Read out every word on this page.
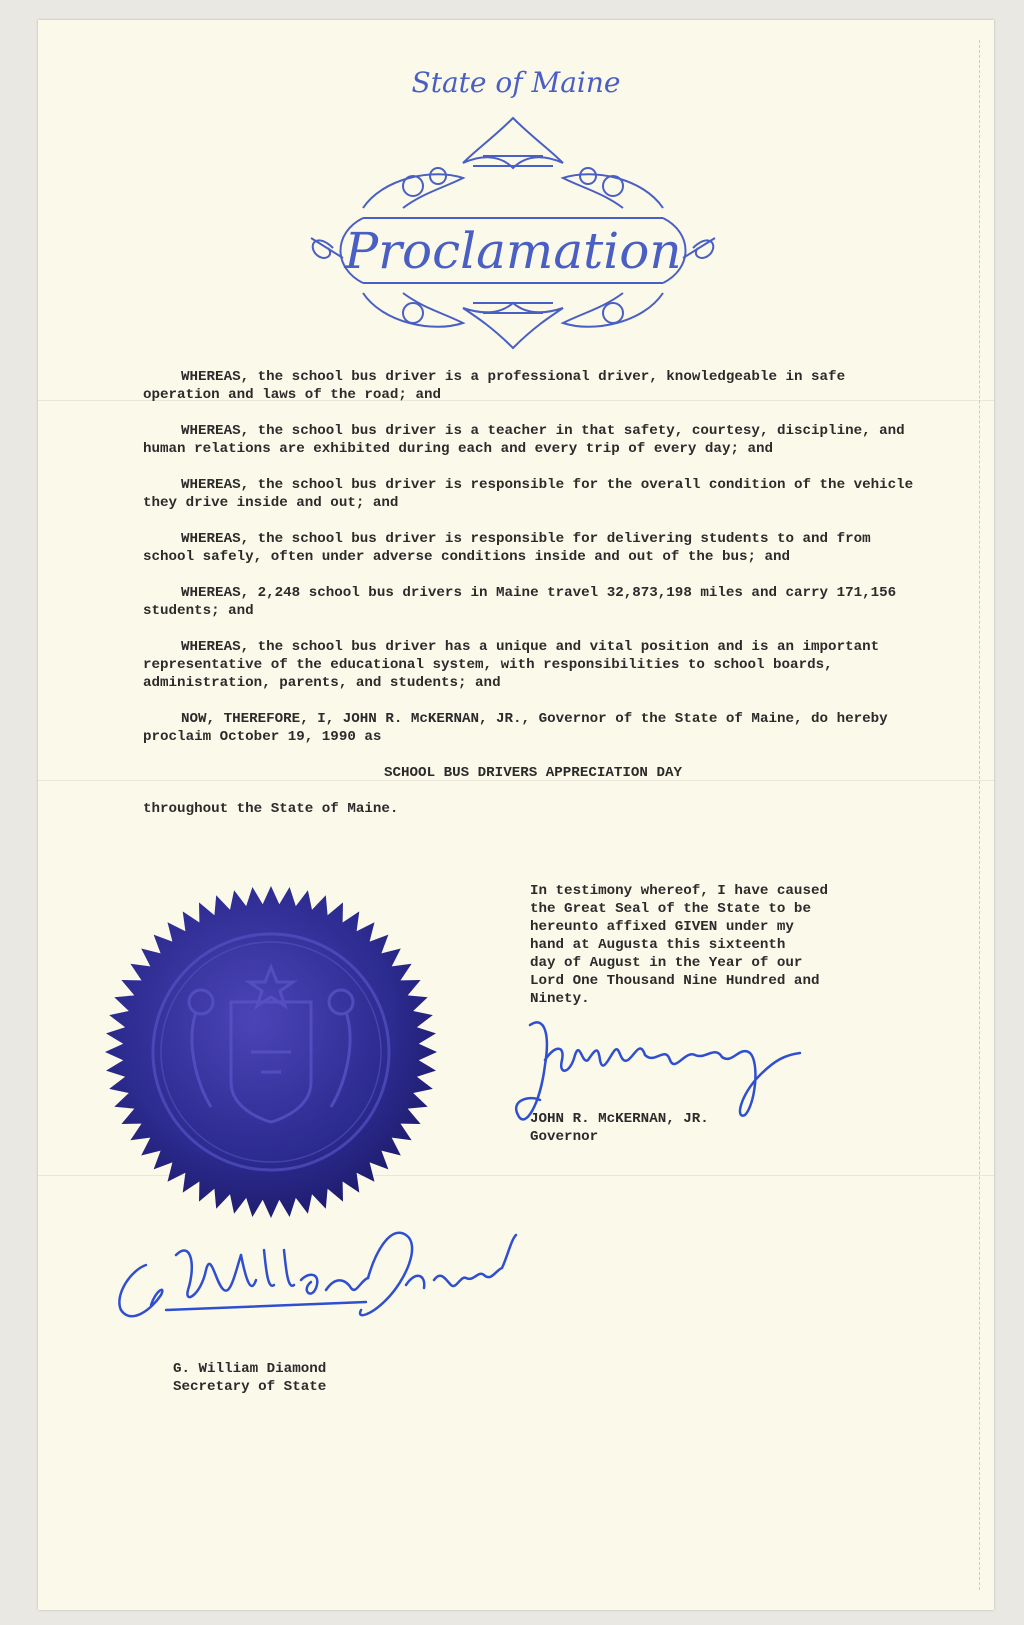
State of Maine
Proclamation

WHEREAS, the school bus driver is a professional driver, knowledgeable in safe operation and laws of the road; and

WHEREAS, the school bus driver is a teacher in that safety, courtesy, discipline, and human relations are exhibited during each and every trip of every day; and

WHEREAS, the school bus driver is responsible for the overall condition of the vehicle they drive inside and out; and

WHEREAS, the school bus driver is responsible for delivering students to and from school safely, often under adverse conditions inside and out of the bus; and

WHEREAS, 2,248 school bus drivers in Maine travel 32,873,198 miles and carry 171,156 students; and

WHEREAS, the school bus driver has a unique and vital position and is an important representative of the educational system, with responsibilities to school boards, administration, parents, and students; and

NOW, THEREFORE, I, JOHN R. McKERNAN, JR., Governor of the State of Maine, do hereby proclaim October 19, 1990 as

SCHOOL BUS DRIVERS APPRECIATION DAY

throughout the State of Maine.

In testimony whereof, I have caused
the Great Seal of the State to be
hereunto affixed GIVEN under my
hand at Augusta this sixteenth
day of August in the Year of our
Lord One Thousand Nine Hundred and
Ninety.
JOHN R. McKERNAN, JR.
Governor
G. William Diamond
Secretary of State
